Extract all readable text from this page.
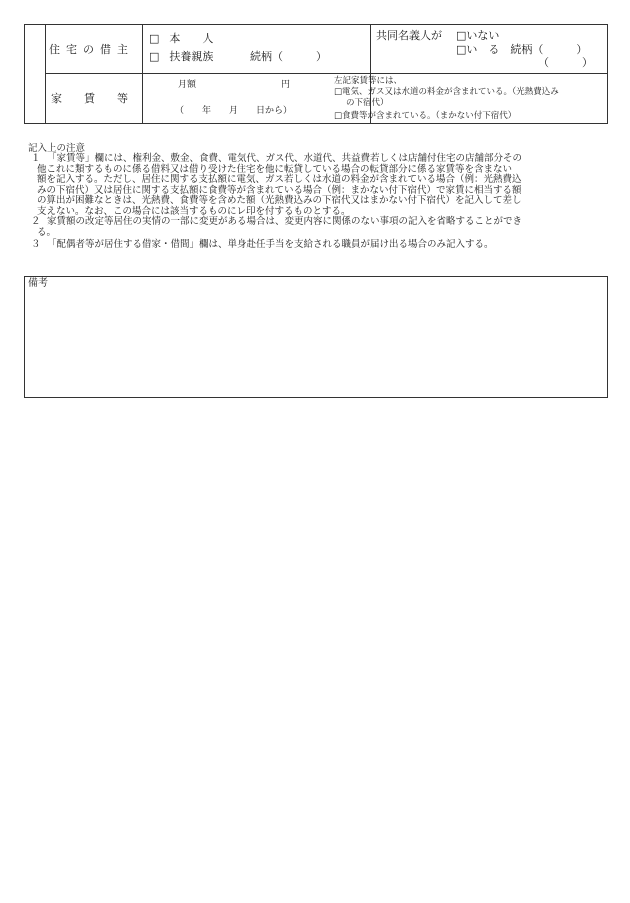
住宅の借主
□ 本　　人
□ 扶養親族	続柄（　　　）
共同名義人が □いない
□い　る　続柄（　　　）
（　　　）
家　　賃　　等
月額	円
（　　年　　月　　日から）
左記家賃等には、
□電気、ガス又は水道の料金が含まれている。（光熱費込み
の下宿代）
□食費等が含まれている。（まかない付下宿代）
記入上の注意
１ 「家賃等」欄には、権利金、敷金、食費、電気代、ガス代、水道代、共益費若しくは店舗付住宅の店舗部分その
他これに類するものに係る借料又は借り受けた住宅を他に転貸している場合の転貸部分に係る家賃等を含まない
額を記入する。ただし、居住に関する支払額に電気、ガス若しくは水道の料金が含まれている場合（例：光熱費込
みの下宿代）又は居住に関する支払額に食費等が含まれている場合（例：まかない付下宿代）で家賃に相当する額
の算出が困難なときは、光熱費、食費等を含めた額（光熱費込みの下宿代又はまかない付下宿代）を記入して差し
支えない。なお、この場合には該当するものにレ印を付するものとする。
２ 家賃額の改定等居住の実情の一部に変更がある場合は、変更内容に関係のない事項の記入を省略することができ
る。
３ 「配偶者等が居住する借家・借間」欄は、単身赴任手当を支給される職員が届け出る場合のみ記入する。
備考
